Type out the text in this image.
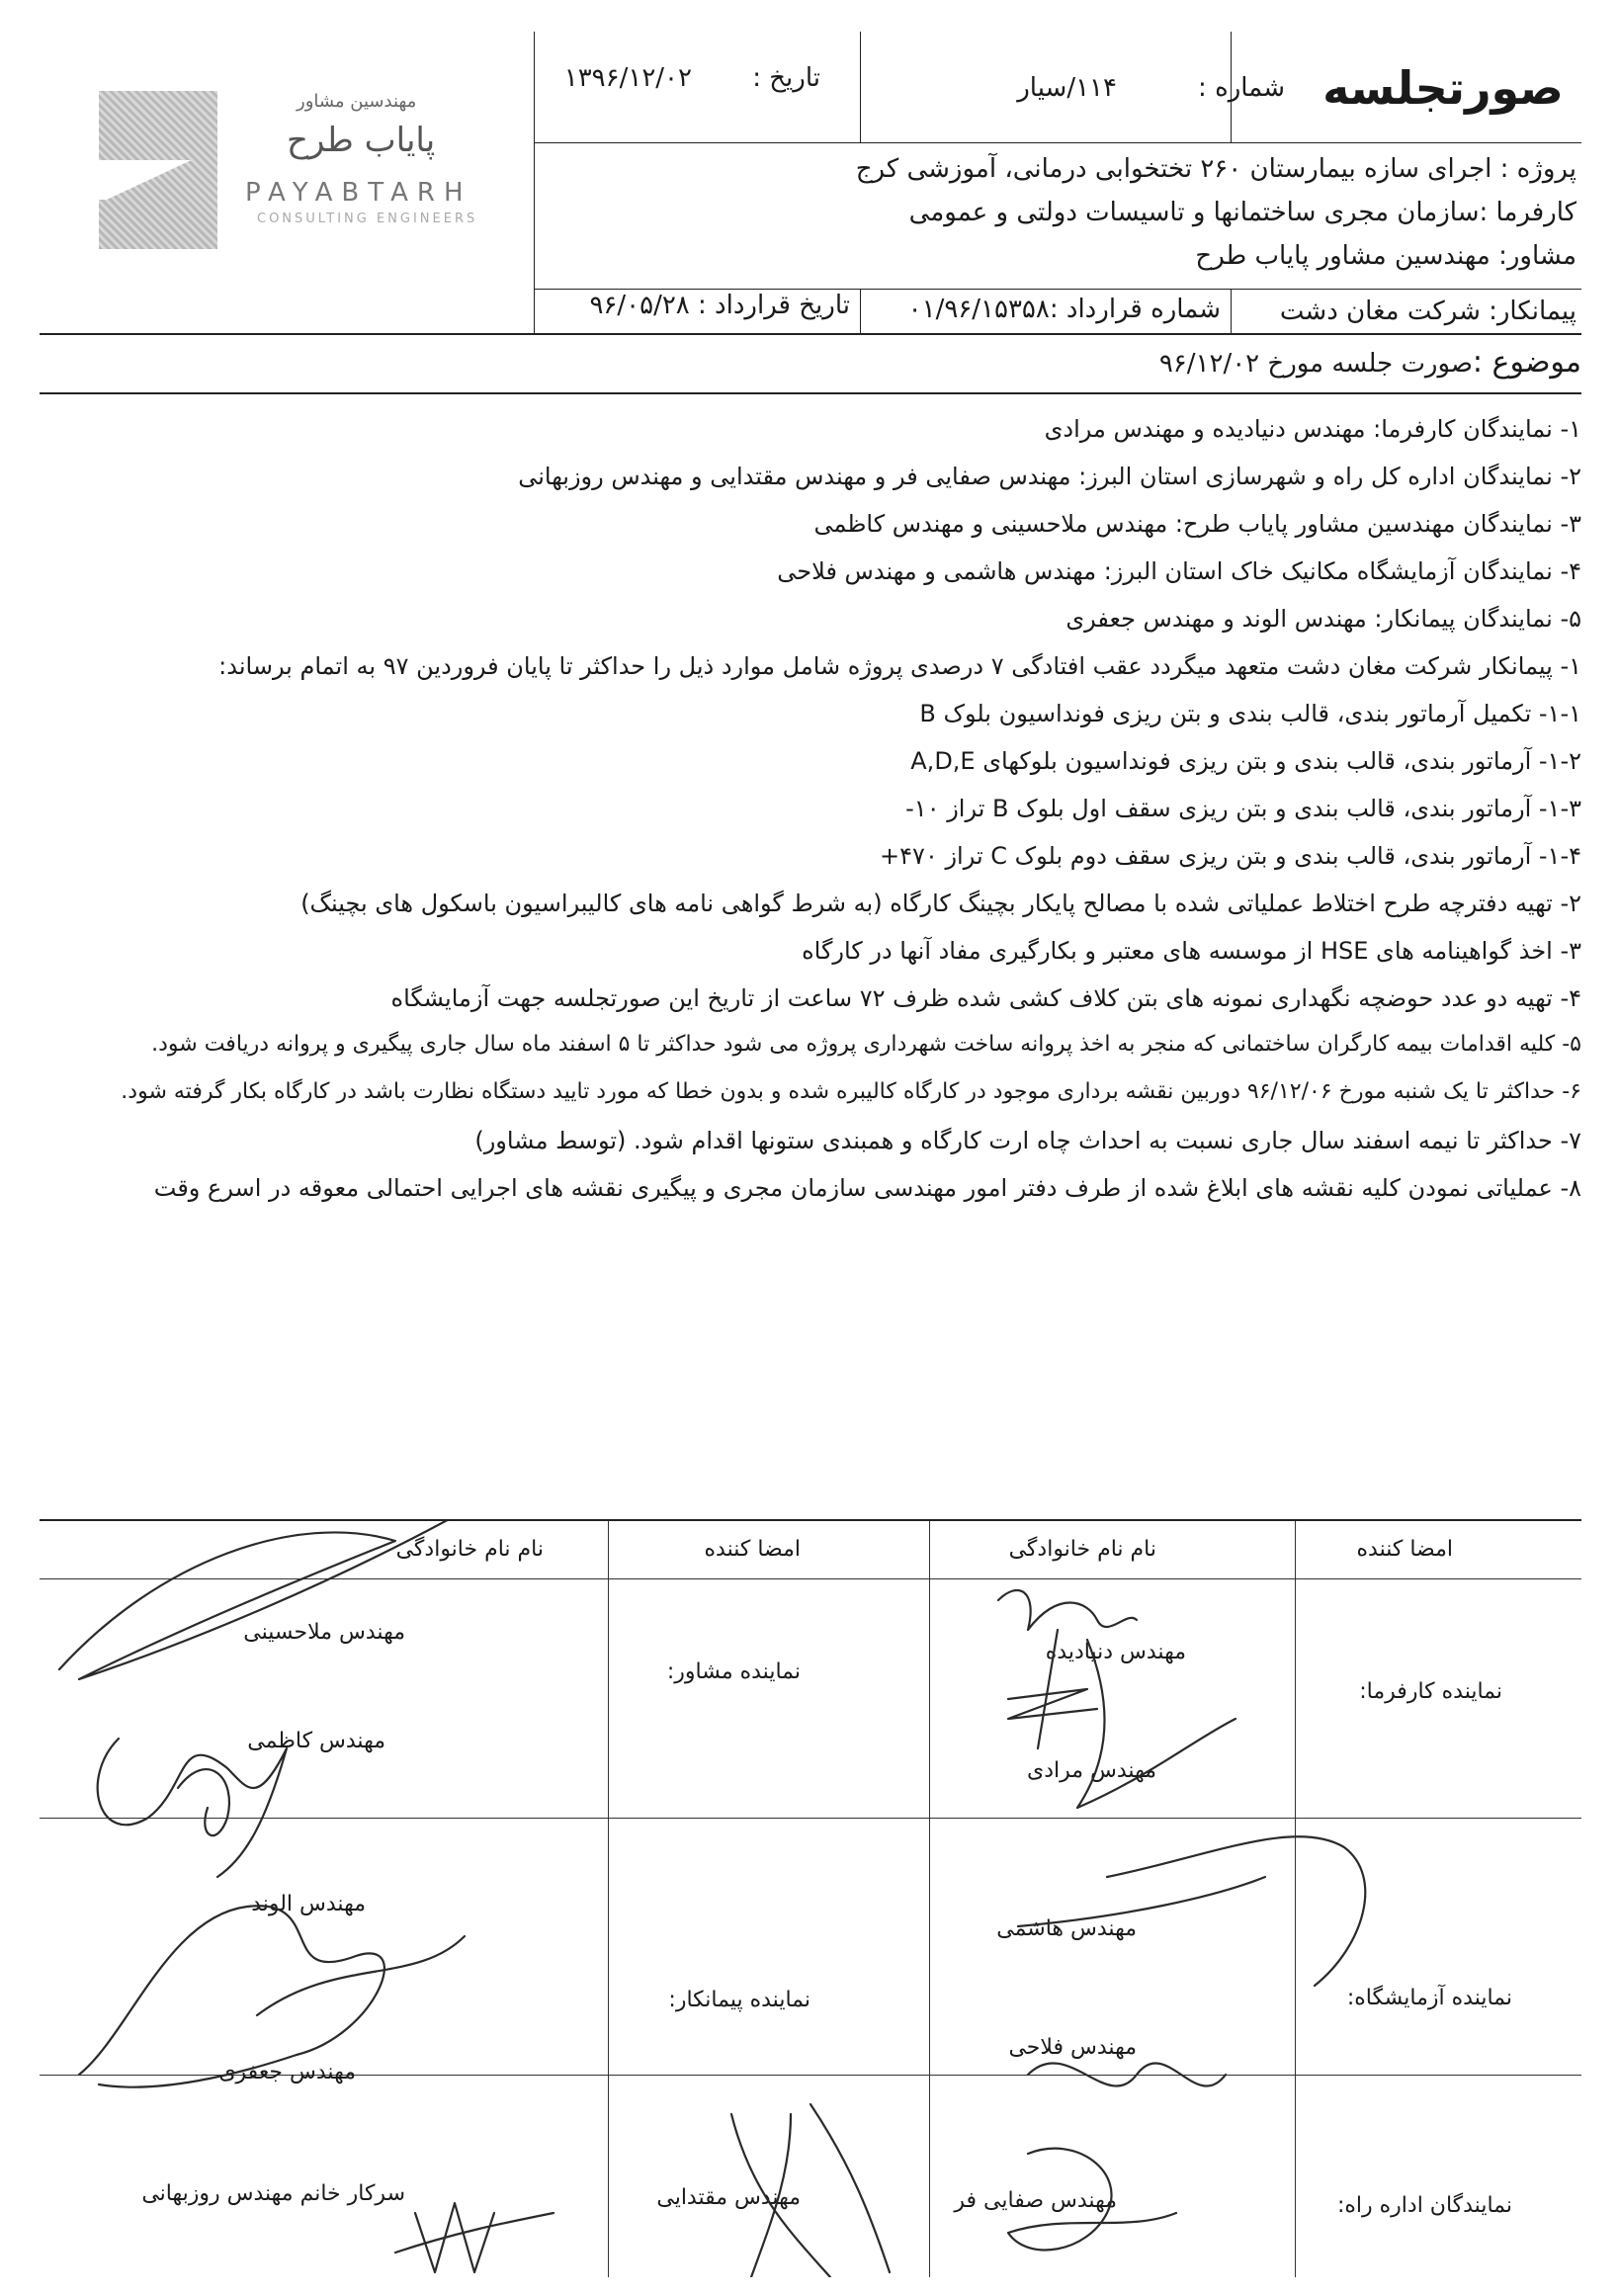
صورتجلسه
شماره :
۱۱۴/سیار
تاریخ :
۱۳۹۶/۱۲/۰۲
پروژه : اجرای سازه بیمارستان ۲۶۰ تختخوابی درمانی، آموزشی کرج
کارفرما :سازمان مجری ساختمانها و تاسیسات دولتی و عمومی
مشاور: مهندسین مشاور پایاب طرح
پیمانکار: شرکت مغان دشت
شماره قرارداد :۰۱/۹۶/۱۵۳۵۸
تاریخ قرارداد : ۹۶/۰۵/۲۸
مهندسین مشاور
پایاب طرح
PAYABTARH
CONSULTING ENGINEERS
موضوع :
صورت جلسه مورخ ۹۶/۱۲/۰۲
۱- نمایندگان کارفرما: مهندس دنیادیده و مهندس مرادی
۲- نمایندگان اداره کل راه و شهرسازی استان البرز: مهندس صفایی فر و مهندس مقتدایی و مهندس روزبهانی
۳- نمایندگان مهندسین مشاور پایاب طرح: مهندس ملاحسینی و مهندس کاظمی
۴- نمایندگان آزمایشگاه مکانیک خاک استان البرز: مهندس هاشمی و مهندس فلاحی
۵- نمایندگان پیمانکار: مهندس الوند و مهندس جعفری
۱- پیمانکار شرکت مغان دشت متعهد میگردد عقب افتادگی ۷ درصدی پروژه شامل موارد ذیل را حداکثر تا پایان فروردین ۹۷ به اتمام برساند:
۱-۱- تکمیل آرماتور بندی، قالب بندی و بتن ریزی فونداسیون بلوک B
۱-۲- آرماتور بندی، قالب بندی و بتن ریزی فونداسیون بلوکهای A,D,E
۱-۳- آرماتور بندی، قالب بندی و بتن ریزی سقف اول بلوک B تراز ۱۰-
۱-۴- آرماتور بندی، قالب بندی و بتن ریزی سقف دوم بلوک C تراز ۴۷۰+
۲- تهیه دفترچه طرح اختلاط عملیاتی شده با مصالح پایکار بچینگ کارگاه (به شرط گواهی نامه های کالیبراسیون باسکول های بچینگ)
۳- اخذ گواهینامه های HSE از موسسه های معتبر و بکارگیری مفاد آنها در کارگاه
۴- تهیه دو عدد حوضچه نگهداری نمونه های بتن کلاف کشی شده ظرف ۷۲ ساعت از تاریخ این صورتجلسه جهت آزمایشگاه
۵- کلیه اقدامات بیمه کارگران ساختمانی که منجر به اخذ پروانه ساخت شهرداری پروژه می شود حداکثر تا ۵ اسفند ماه سال جاری پیگیری و پروانه دریافت شود.
۶- حداکثر تا یک شنبه مورخ ۹۶/۱۲/۰۶ دوربین نقشه برداری موجود در کارگاه کالیبره شده و بدون خطا که مورد تایید دستگاه نظارت باشد در کارگاه بکار گرفته شود.
۷- حداکثر تا نیمه اسفند سال جاری نسبت به احداث چاه ارت کارگاه و همبندی ستونها اقدام شود. (توسط مشاور)
۸- عملیاتی نمودن کلیه نقشه های ابلاغ شده از طرف دفتر امور مهندسی سازمان مجری و پیگیری نقشه های اجرایی احتمالی معوقه در اسرع وقت
امضا کننده
نام نام خانوادگی
امضا کننده
نام نام خانوادگی
نماینده کارفرما:
مهندس دنیادیده
مهندس مرادی
نماینده مشاور:
مهندس ملاحسینی
مهندس کاظمی
نماینده آزمایشگاه:
مهندس هاشمی
مهندس فلاحی
نماینده پیمانکار:
مهندس الوند
مهندس جعفری
نمایندگان اداره راه:
مهندس صفایی فر
مهندس مقتدایی
سرکار خانم مهندس روزبهانی
